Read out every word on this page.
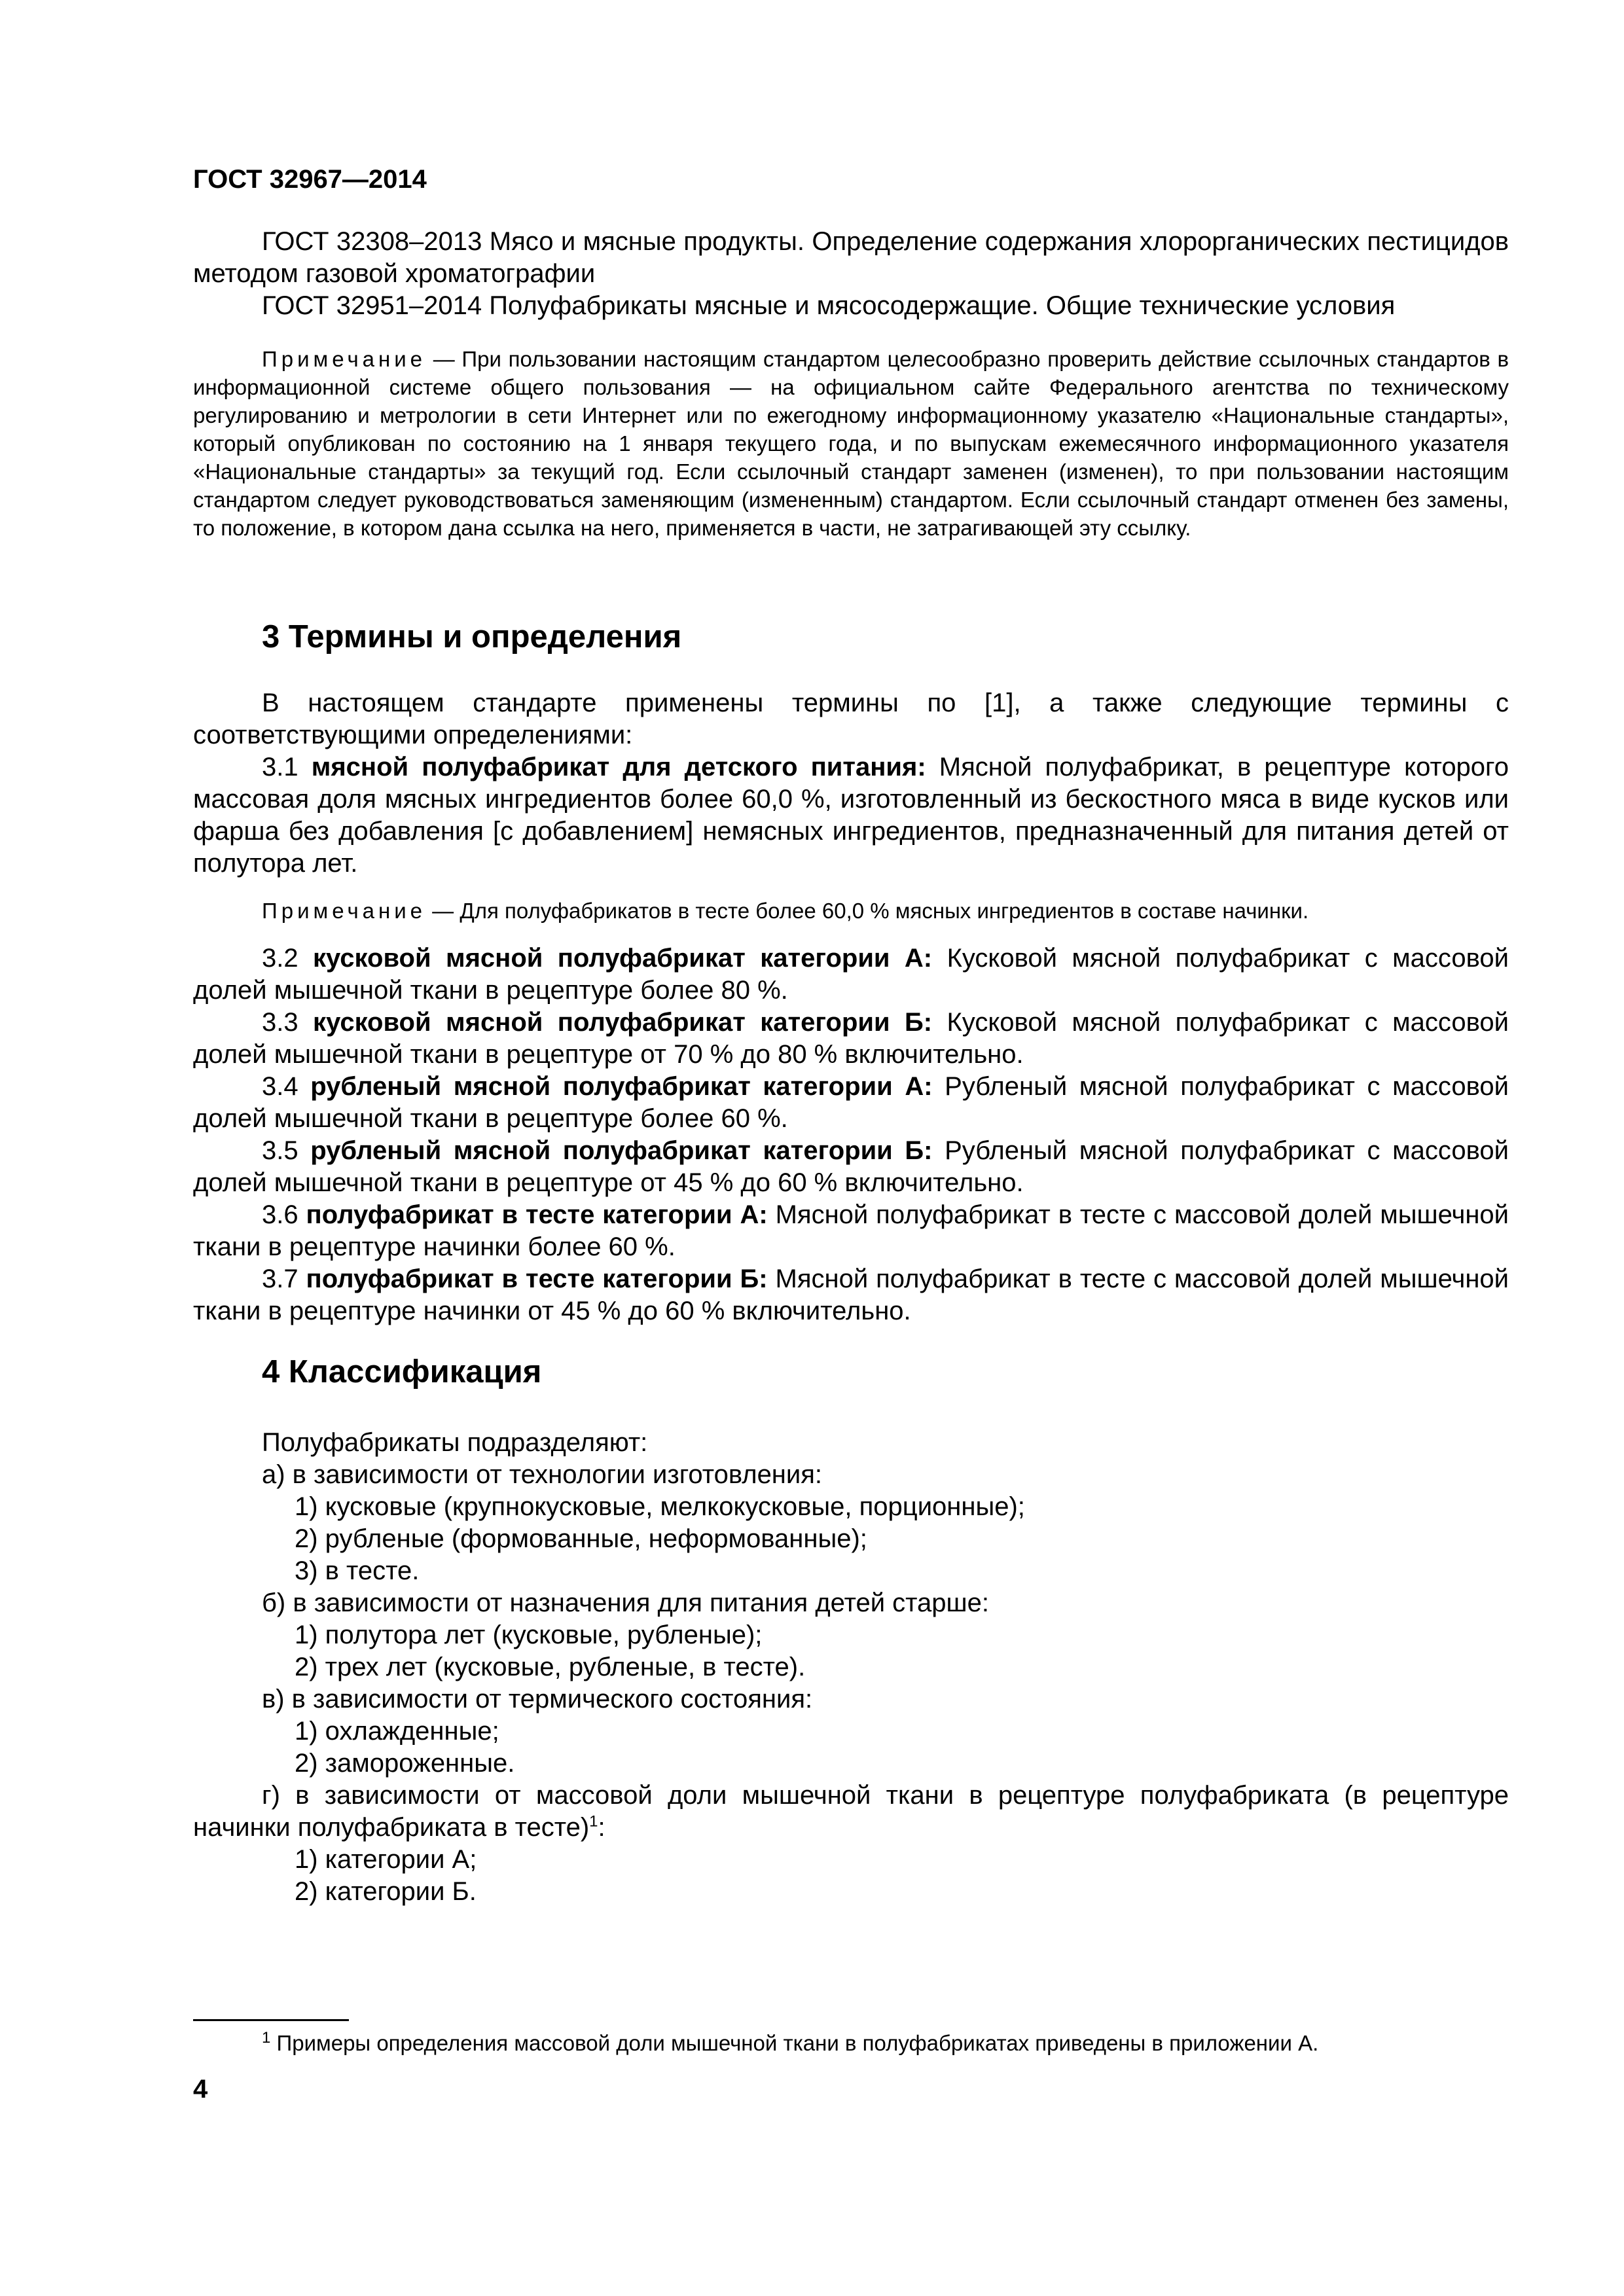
ГОСТ 32967—2014

ГОСТ 32308–2013 Мясо и мясные продукты. Определение содержания хлорорганических пестицидов методом газовой хроматографии

ГОСТ 32951–2014 Полуфабрикаты мясные и мясосодержащие. Общие технические условия

Примечание — При пользовании настоящим стандартом целесообразно проверить действие ссылочных стандартов в информационной системе общего пользования — на официальном сайте Федерального агентства по техническому регулированию и метрологии в сети Интернет или по ежегодному информационному указателю «Национальные стандарты», который опубликован по состоянию на 1 января текущего года, и по выпускам ежемесячного информационного указателя «Национальные стандарты» за текущий год. Если ссылочный стандарт заменен (изменен), то при пользовании настоящим стандартом следует руководствоваться заменяющим (измененным) стандартом. Если ссылочный стандарт отменен без замены, то положение, в котором дана ссылка на него, применяется в части, не затрагивающей эту ссылку.

3 Термины и определения

В настоящем стандарте применены термины по [1], а также следующие термины с соответствующими определениями:

3.1 мясной полуфабрикат для детского питания: Мясной полуфабрикат, в рецептуре которого массовая доля мясных ингредиентов более 60,0 %, изготовленный из бескостного мяса в виде кусков или фарша без добавления [с добавлением] немясных ингредиентов, предназначенный для питания детей от полутора лет.

Примечание — Для полуфабрикатов в тесте более 60,0 % мясных ингредиентов в составе начинки.

3.2 кусковой мясной полуфабрикат категории А: Кусковой мясной полуфабрикат с массовой долей мышечной ткани в рецептуре более 80 %.

3.3 кусковой мясной полуфабрикат категории Б: Кусковой мясной полуфабрикат с массовой долей мышечной ткани в рецептуре от 70 % до 80 % включительно.

3.4 рубленый мясной полуфабрикат категории А: Рубленый мясной полуфабрикат с массовой долей мышечной ткани в рецептуре более 60 %.

3.5 рубленый мясной полуфабрикат категории Б: Рубленый мясной полуфабрикат с массовой долей мышечной ткани в рецептуре от 45 % до 60 % включительно.

3.6 полуфабрикат в тесте категории А: Мясной полуфабрикат в тесте с массовой долей мышечной ткани в рецептуре начинки более 60 %.

3.7 полуфабрикат в тесте категории Б: Мясной полуфабрикат в тесте с массовой долей мышечной ткани в рецептуре начинки от 45 % до 60 % включительно.

4 Классификация

Полуфабрикаты подразделяют:

а) в зависимости от технологии изготовления:

1) кусковые (крупнокусковые, мелкокусковые, порционные);

2) рубленые (формованные, неформованные);

3) в тесте.

б) в зависимости от назначения для питания детей старше:

1) полутора лет (кусковые, рубленые);

2) трех лет (кусковые, рубленые, в тесте).

в) в зависимости от термического состояния:

1) охлажденные;

2) замороженные.

г) в зависимости от массовой доли мышечной ткани в рецептуре полуфабриката (в рецептуре начинки полуфабриката в тесте)$^1$:

1) категории А;

2) категории Б.

$^1$ Примеры определения массовой доли мышечной ткани в полуфабрикатах приведены в приложении А.
4
